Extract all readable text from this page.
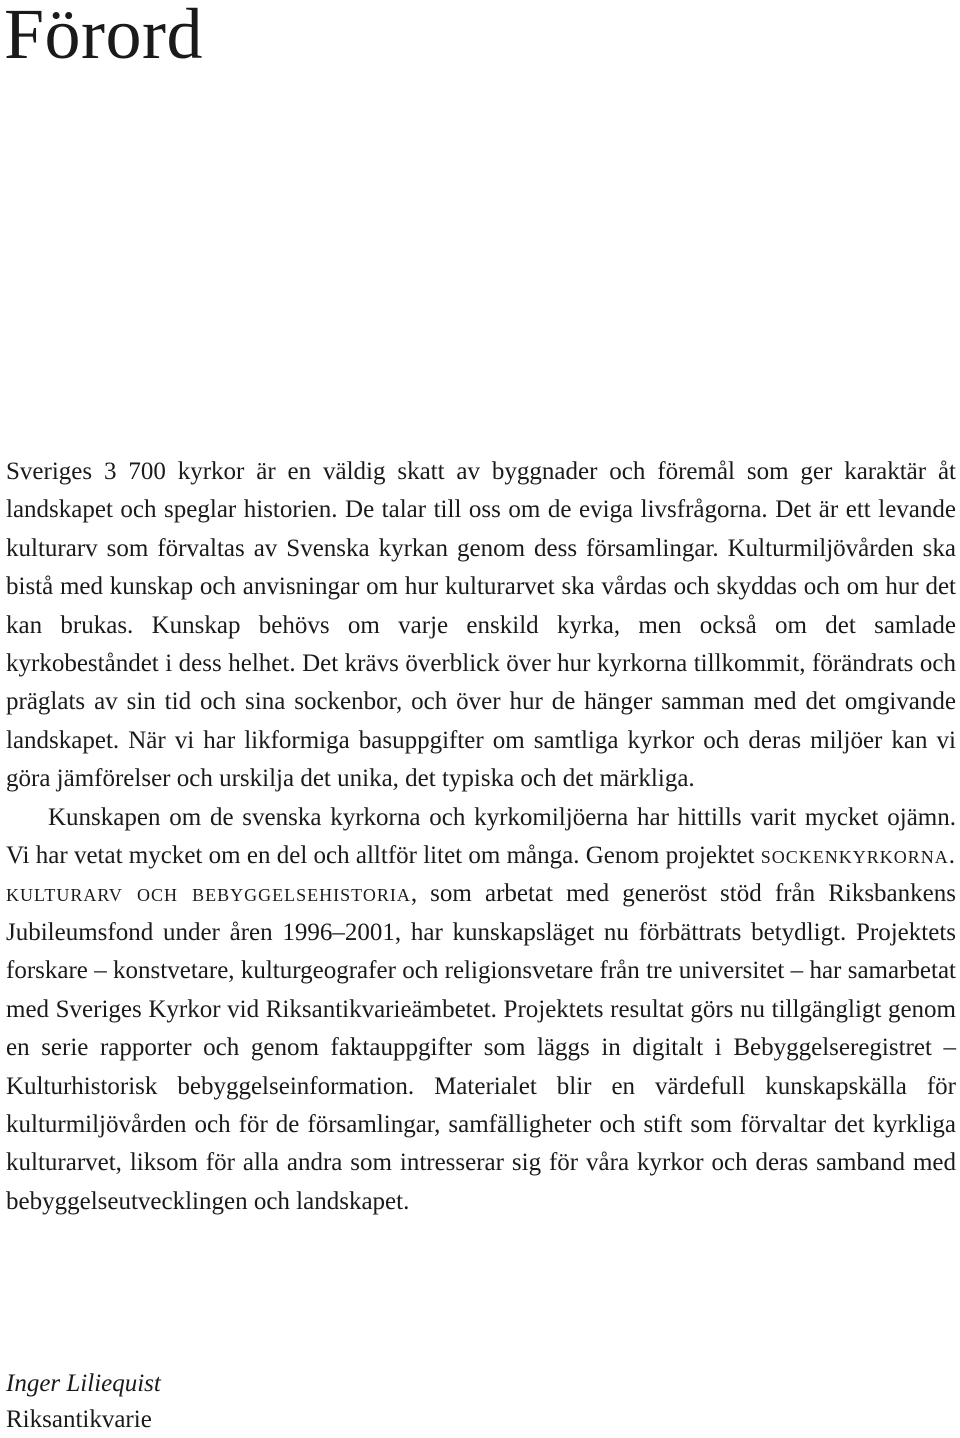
Förord

Sveriges 3 700 kyrkor är en väldig skatt av byggnader och föremål som ger karaktär åt landskapet och speglar historien. De talar till oss om de eviga livsfrågorna. Det är ett levande kulturarv som förvaltas av Svenska kyrkan genom dess församlingar. Kulturmiljövården ska bistå med kunskap och anvisningar om hur kulturarvet ska vårdas och skyddas och om hur det kan brukas. Kunskap behövs om varje enskild kyrka, men också om det samlade kyrkobeståndet i dess helhet. Det krävs överblick över hur kyrkorna tillkommit, förändrats och präglats av sin tid och sina sockenbor, och över hur de hänger samman med det omgivande landskapet. När vi har likformiga basuppgifter om samtliga kyrkor och deras miljöer kan vi göra jämförelser och urskilja det unika, det typiska och det märkliga.

Kunskapen om de svenska kyrkorna och kyrkomiljöerna har hittills varit mycket ojämn. Vi har vetat mycket om en del och alltför litet om många. Genom projektet sockenkyrkorna. kulturarv och bebyggelsehistoria, som arbetat med generöst stöd från Riksbankens Jubileumsfond under åren 1996–2001, har kunskapsläget nu förbättrats betydligt. Projektets forskare – konstvetare, kulturgeografer och religionsvetare från tre universitet – har samarbetat med Sveriges Kyrkor vid Riksantikvarieämbetet. Projektets resultat görs nu tillgängligt genom en serie rapporter och genom faktauppgifter som läggs in digitalt i Bebyggelseregistret – Kulturhistorisk bebyggelseinformation. Materialet blir en värdefull kunskapskälla för kulturmiljövården och för de församlingar, samfälligheter och stift som förvaltar det kyrkliga kulturarvet, liksom för alla andra som intresserar sig för våra kyrkor och deras samband med bebyggelseutvecklingen och landskapet.

Inger Liliequist
Riksantikvarie
